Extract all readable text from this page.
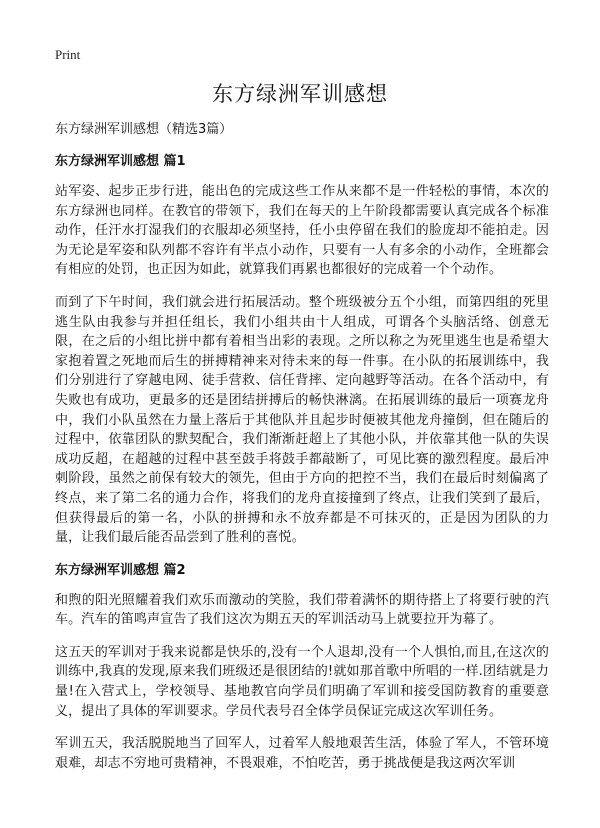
Print
东方绿洲军训感想

东方绿洲军训感想（精选3篇）

东方绿洲军训感想 篇1

站军姿、起步正步行进，能出色的完成这些工作从来都不是一件轻松的事情，本次的东方绿洲也同样。在教官的带领下，我们在每天的上午阶段都需要认真完成各个标准动作，任汗水打湿我们的衣服却必须坚持，任小虫停留在我们的脸庞却不能拍走。因为无论是军姿和队列都不容许有半点小动作，只要有一人有多余的小动作，全班都会有相应的处罚，也正因为如此，就算我们再累也都很好的完成着一个个动作。

而到了下午时间，我们就会进行拓展活动。整个班级被分五个小组，而第四组的死里逃生队由我参与并担任组长，我们小组共由十人组成，可谓各个头脑活络、创意无限，在之后的小组比拼中都有着相当出彩的表现。之所以称之为死里逃生也是希望大家抱着置之死地而后生的拼搏精神来对待未来的每一件事。在小队的拓展训练中，我们分别进行了穿越电网、徒手营救、信任背摔、定向越野等活动。在各个活动中，有失败也有成功，更最多的还是团结拼搏后的畅快淋漓。在拓展训练的最后一项赛龙舟中，我们小队虽然在力量上落后于其他队并且起步时便被其他龙舟撞倒，但在随后的过程中，依靠团队的默契配合，我们渐渐赶超上了其他小队，并依靠其他一队的失误成功反超，在超越的过程中甚至鼓手将鼓手都敲断了，可见比赛的激烈程度。最后冲刺阶段，虽然之前保有较大的领先，但由于方向的把控不当，我们在最后时刻偏离了终点，来了第二名的通力合作，将我们的龙舟直接撞到了终点，让我们笑到了最后，但获得最后的第一名，小队的拼搏和永不放弃都是不可抹灭的，正是因为团队的力量，让我们最后能否品尝到了胜利的喜悦。

东方绿洲军训感想 篇2

和煦的阳光照耀着我们欢乐而激动的笑脸，我们带着满怀的期待搭上了将要行驶的汽车。汽车的笛鸣声宣告了我们这次为期五天的军训活动马上就要拉开为幕了。

这五天的军训对于我来说都是快乐的,没有一个人退却,没有一个人惧怕,而且,在这次的训练中,我真的发现,原来我们班级还是很团结的!就如那首歌中所唱的一样.团结就是力量!在入营式上，学校领导、基地教官向学员们明确了军训和接受国防教育的重要意义，提出了具体的军训要求。学员代表号召全体学员保证完成这次军训任务。

军训五天，我活脱脱地当了回军人，过着军人般地艰苦生活，体验了军人，不管环境艰难，却志不穷地可贵精神，不畏艰难，不怕吃苦，勇于挑战便是我这两次军训
